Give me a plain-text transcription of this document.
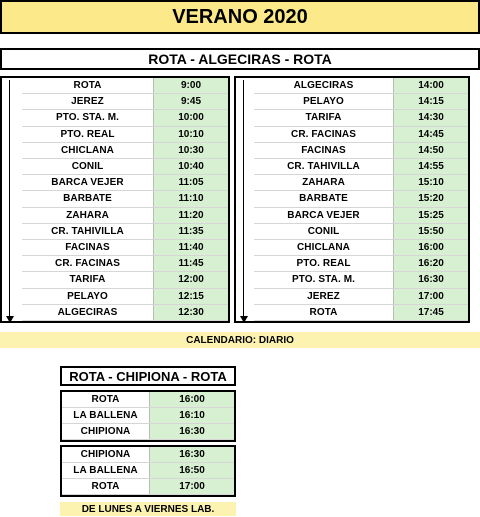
VERANO 2020
ROTA - ALGECIRAS - ROTA
ROTA	9:00
JEREZ	9:45
PTO. STA. M.	10:00
PTO. REAL	10:10
CHICLANA	10:30
CONIL	10:40
BARCA VEJER	11:05
BARBATE	11:10
ZAHARA	11:20
CR. TAHIVILLA	11:35
FACINAS	11:40
CR. FACINAS	11:45
TARIFA	12:00
PELAYO	12:15
ALGECIRAS	12:30
ALGECIRAS	14:00
PELAYO	14:15
TARIFA	14:30
CR. FACINAS	14:45
FACINAS	14:50
CR. TAHIVILLA	14:55
ZAHARA	15:10
BARBATE	15:20
BARCA VEJER	15:25
CONIL	15:50
CHICLANA	16:00
PTO. REAL	16:20
PTO. STA. M.	16:30
JEREZ	17:00
ROTA	17:45
CALENDARIO: DIARIO
ROTA - CHIPIONA - ROTA
ROTA	16:00
LA BALLENA	16:10
CHIPIONA	16:30
CHIPIONA	16:30
LA BALLENA	16:50
ROTA	17:00
DE LUNES A VIERNES LAB.
